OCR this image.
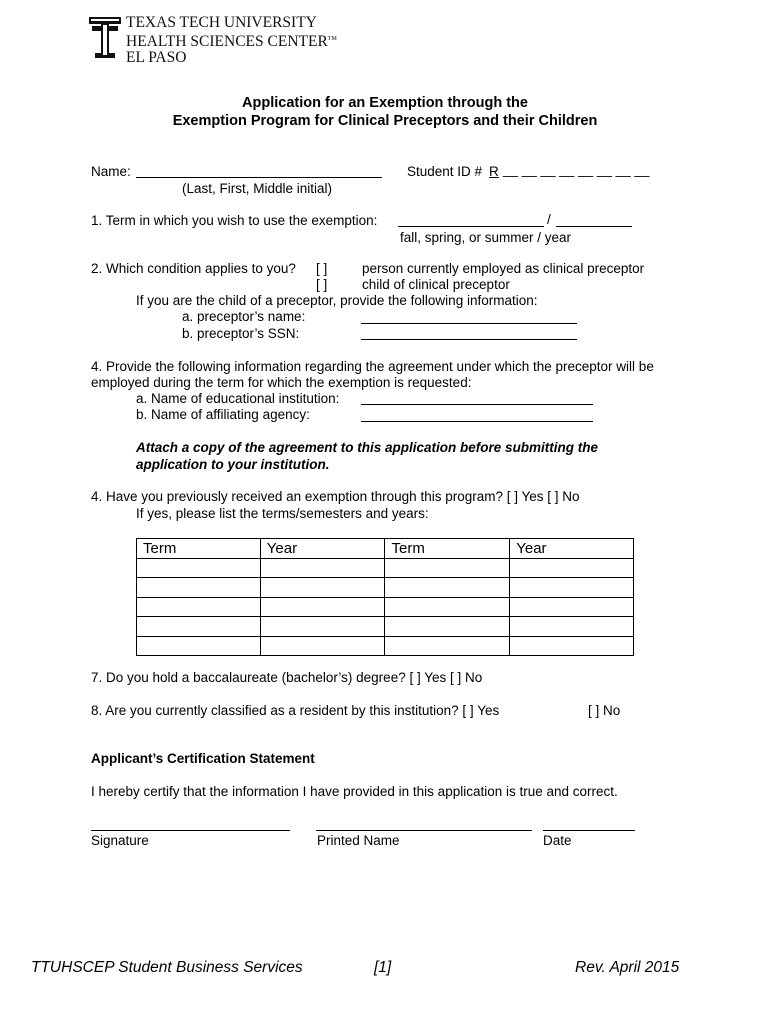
TEXAS TECH UNIVERSITY
HEALTH SCIENCES CENTER™
EL PASO
Application for an Exemption through the
Exemption Program for Clinical Preceptors and their Children
Name:
(Last, First, Middle initial)
Student ID # R __ __ __ __ __ __ __ __
1. Term in which you wish to use the exemption:	/
fall, spring, or summer / year
2. Which condition applies to you? [ ]	person currently employed as clinical preceptor
[ ]	child of clinical preceptor
If you are the child of a preceptor, provide the following information:
a. preceptor’s name:
b. preceptor’s SSN:
4. Provide the following information regarding the agreement under which the preceptor will be
employed during the term for which the exemption is requested:
a. Name of educational institution:
b. Name of affiliating agency:
Attach a copy of the agreement to this application before submitting the
application to your institution.
4. Have you previously received an exemption through this program? [ ] Yes [ ] No
If yes, please list the terms/semesters and years:
Term	Year	Term	Year

7. Do you hold a baccalaureate (bachelor’s) degree? [ ] Yes [ ] No
8. Are you currently classified as a resident by this institution? [ ] Yes	[ ] No
Applicant’s Certification Statement
I hereby certify that the information I have provided in this application is true and correct.
Signature	Printed Name	Date
TTUHSCEP Student Business Services	[1]	Rev. April 2015
